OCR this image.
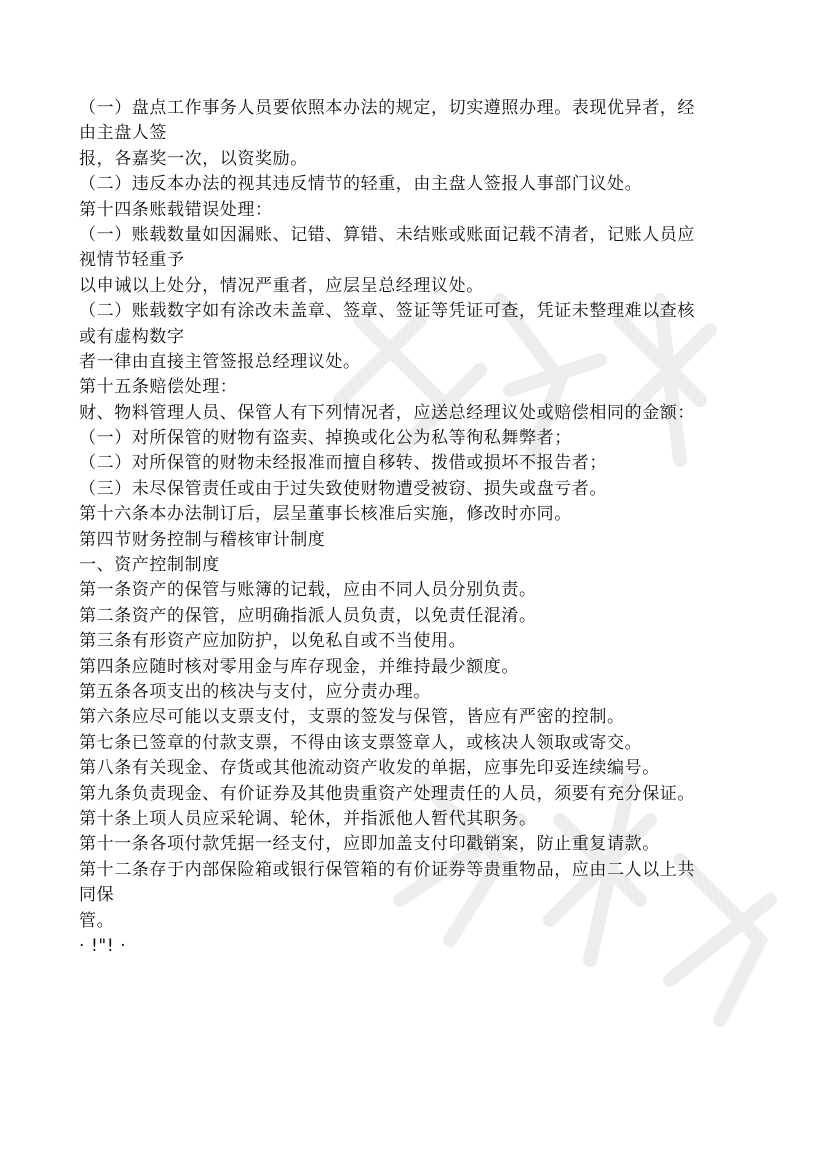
（一）盘点工作事务人员要依照本办法的规定，切实遵照办理。表现优异者，经
由主盘人签
报，各嘉奖一次，以资奖励。
（二）违反本办法的视其违反情节的轻重，由主盘人签报人事部门议处。
第十四条账载错误处理：
（一）账载数量如因漏账、记错、算错、未结账或账面记载不清者，记账人员应
视情节轻重予
以申诫以上处分，情况严重者，应层呈总经理议处。
（二）账载数字如有涂改未盖章、签章、签证等凭证可查，凭证未整理难以查核
或有虚构数字
者一律由直接主管签报总经理议处。
第十五条赔偿处理：
财、物料管理人员、保管人有下列情况者，应送总经理议处或赔偿相同的金额：
（一）对所保管的财物有盗卖、掉换或化公为私等徇私舞弊者；
（二）对所保管的财物未经报准而擅自移转、拨借或损坏不报告者；
（三）未尽保管责任或由于过失致使财物遭受被窃、损失或盘亏者。
第十六条本办法制订后，层呈董事长核准后实施，修改时亦同。
第四节财务控制与稽核审计制度
一、资产控制制度
第一条资产的保管与账簿的记载，应由不同人员分别负责。
第二条资产的保管，应明确指派人员负责，以免责任混淆。
第三条有形资产应加防护，以免私自或不当使用。
第四条应随时核对零用金与库存现金，并维持最少额度。
第五条各项支出的核决与支付，应分责办理。
第六条应尽可能以支票支付，支票的签发与保管，皆应有严密的控制。
第七条已签章的付款支票，不得由该支票签章人，或核决人领取或寄交。
第八条有关现金、存货或其他流动资产收发的单据，应事先印妥连续编号。
第九条负责现金、有价证券及其他贵重资产处理责任的人员，须要有充分保证。
第十条上项人员应采轮调、轮休，并指派他人暂代其职务。
第十一条各项付款凭据一经支付，应即加盖支付印戳销案，防止重复请款。
第十二条存于内部保险箱或银行保管箱的有价证券等贵重物品，应由二人以上共
同保
管。
· !"! ·
